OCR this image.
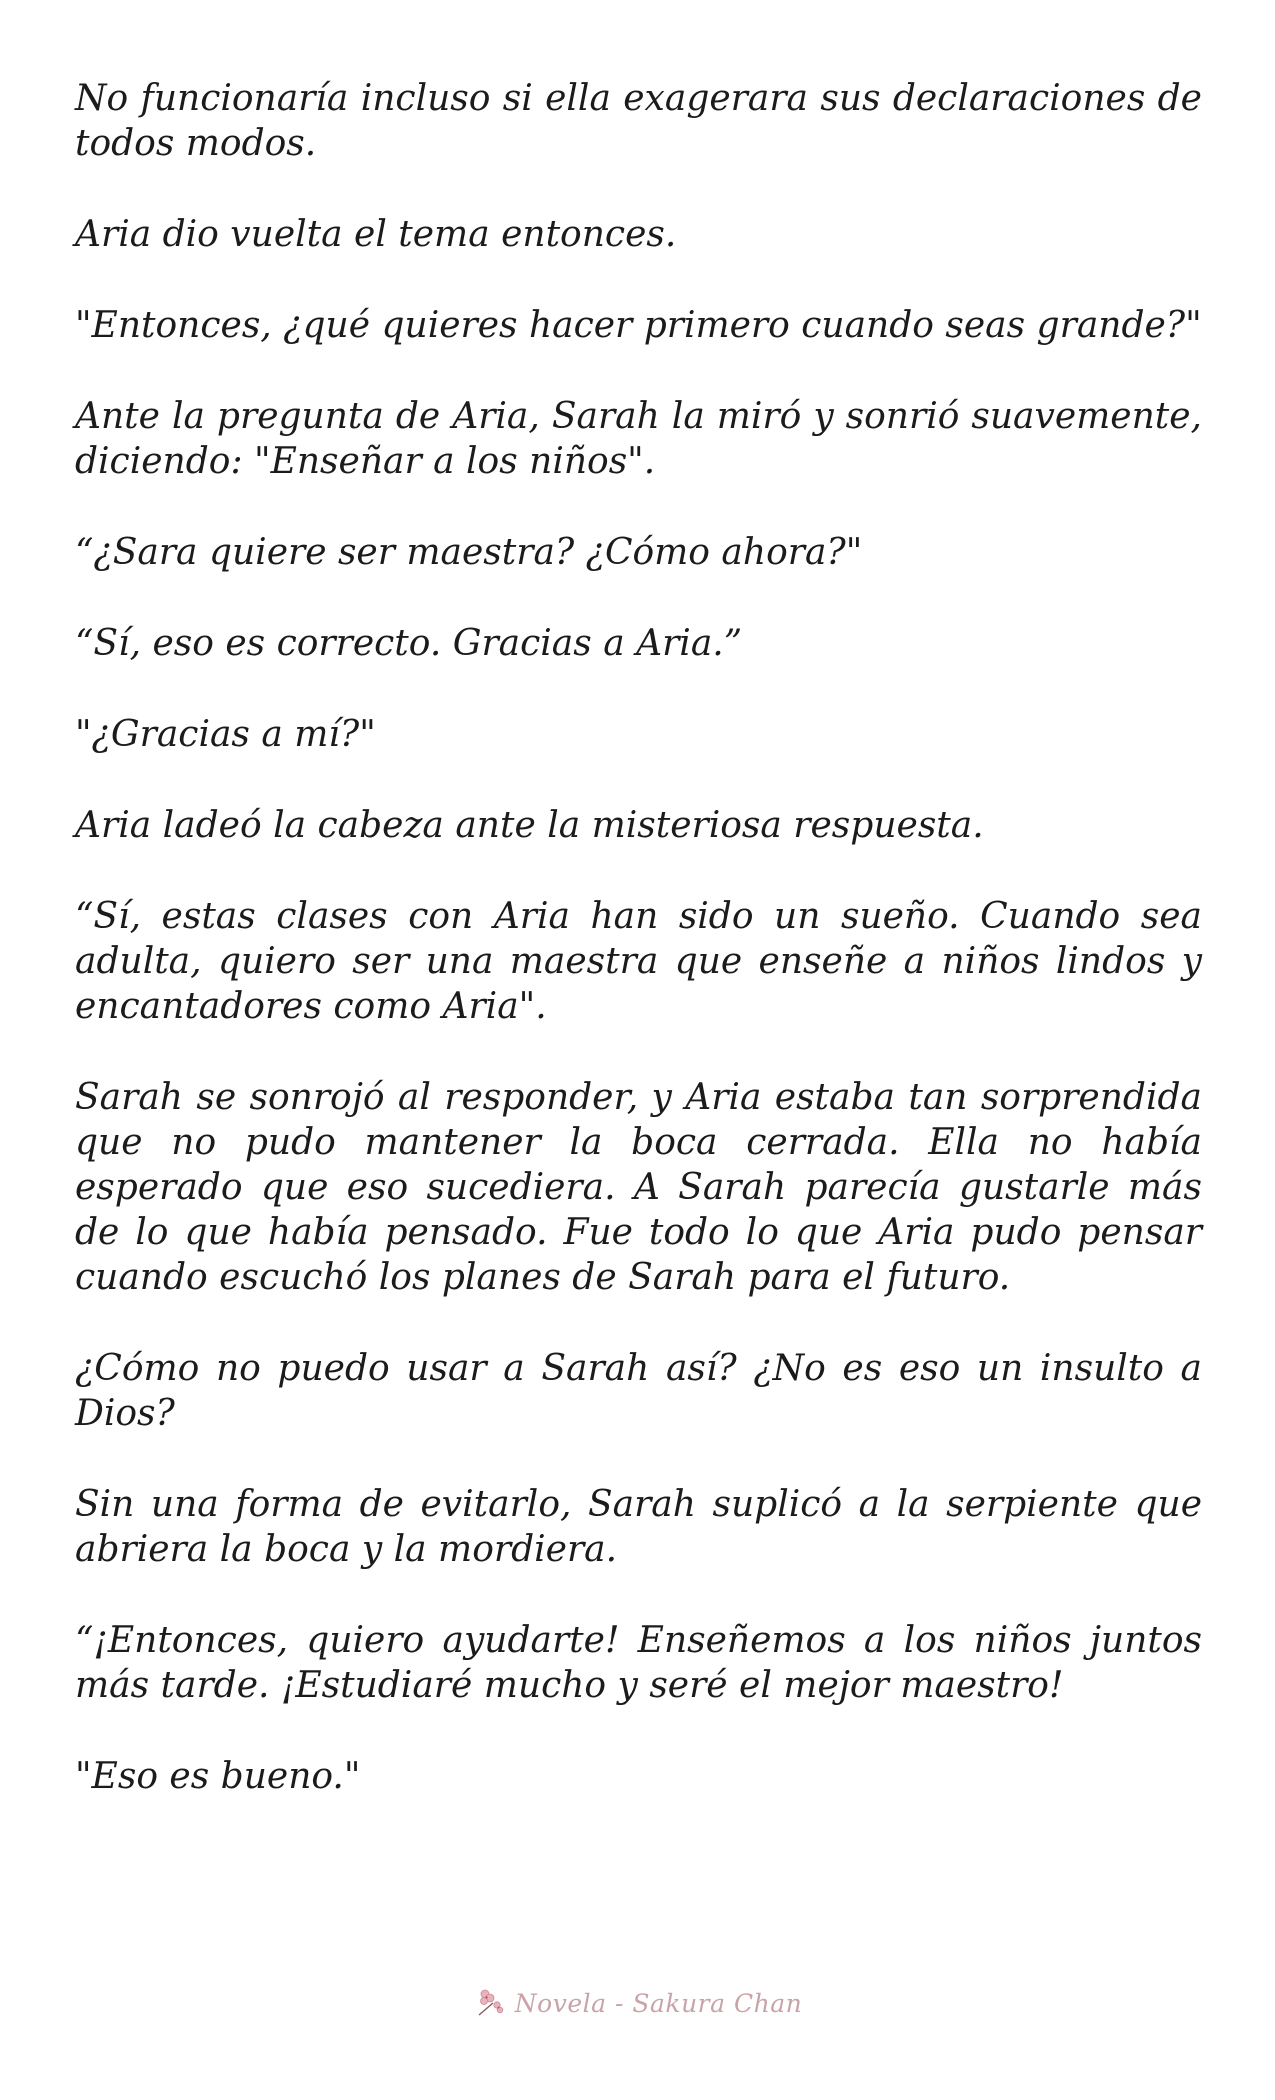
No funcionaría incluso si ella exagerara sus declaraciones de todos modos.

Aria dio vuelta el tema entonces.

"Entonces, ¿qué quieres hacer primero cuando seas grande?"

Ante la pregunta de Aria, Sarah la miró y sonrió suavemente, diciendo: "Enseñar a los niños".

“¿Sara quiere ser maestra? ¿Cómo ahora?"

“Sí, eso es correcto. Gracias a Aria.”

"¿Gracias a mí?"

Aria ladeó la cabeza ante la misteriosa respuesta.

“Sí, estas clases con Aria han sido un sueño. Cuando sea adulta, quiero ser una maestra que enseñe a niños lindos y encantadores como Aria".

Sarah se sonrojó al responder, y Aria estaba tan sorprendida que no pudo mantener la boca cerrada. Ella no había esperado que eso sucediera. A Sarah parecía gustarle más de lo que había pensado. Fue todo lo que Aria pudo pensar cuando escuchó los planes de Sarah para el futuro.

¿Cómo no puedo usar a Sarah así? ¿No es eso un insulto a Dios?

Sin una forma de evitarlo, Sarah suplicó a la serpiente que abriera la boca y la mordiera.

“¡Entonces, quiero ayudarte! Enseñemos a los niños juntos más tarde. ¡Estudiaré mucho y seré el mejor maestro!

"Eso es bueno."

Novela - Sakura Chan
